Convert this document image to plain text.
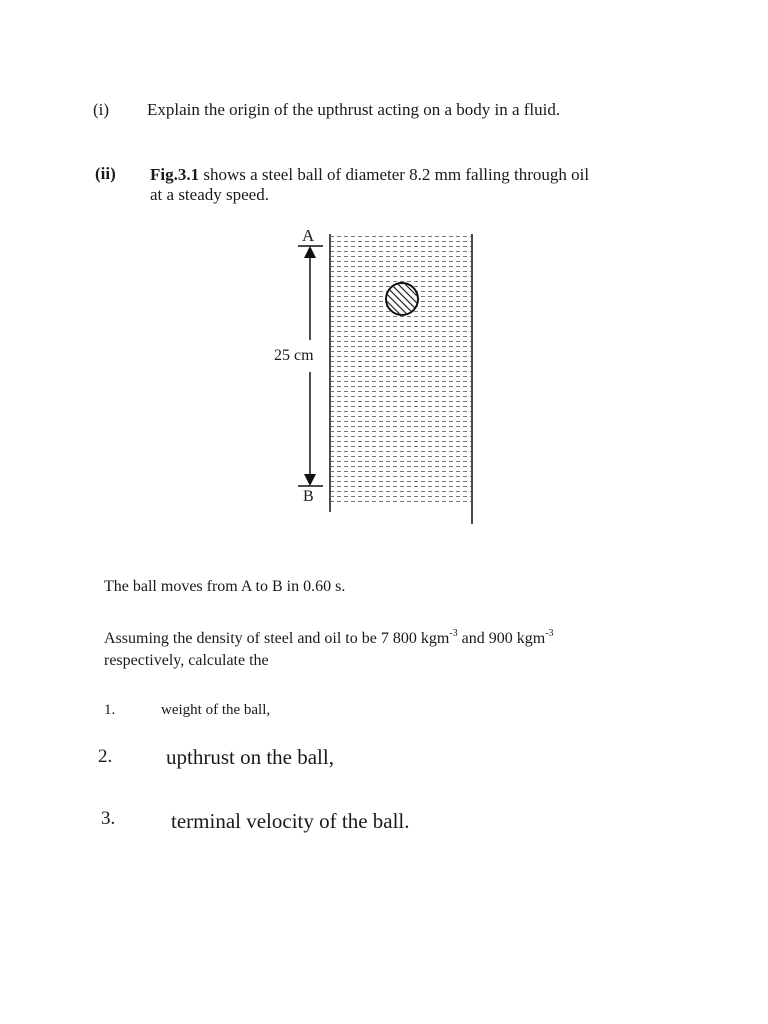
(i) Explain the origin of the upthrust acting on a body in a fluid.
(ii) Fig.3.1 shows a steel ball of diameter 8.2 mm falling through oil
at a steady speed.
A
25 cm
B
The ball moves from A to B in 0.60 s.
Assuming the density of steel and oil to be 7 800 kgm$^{-3}$ and 900 kgm$^{-3}$
respectively, calculate the
1.	weight of the ball,
2.	upthrust on the ball,
3.	terminal velocity of the ball.
